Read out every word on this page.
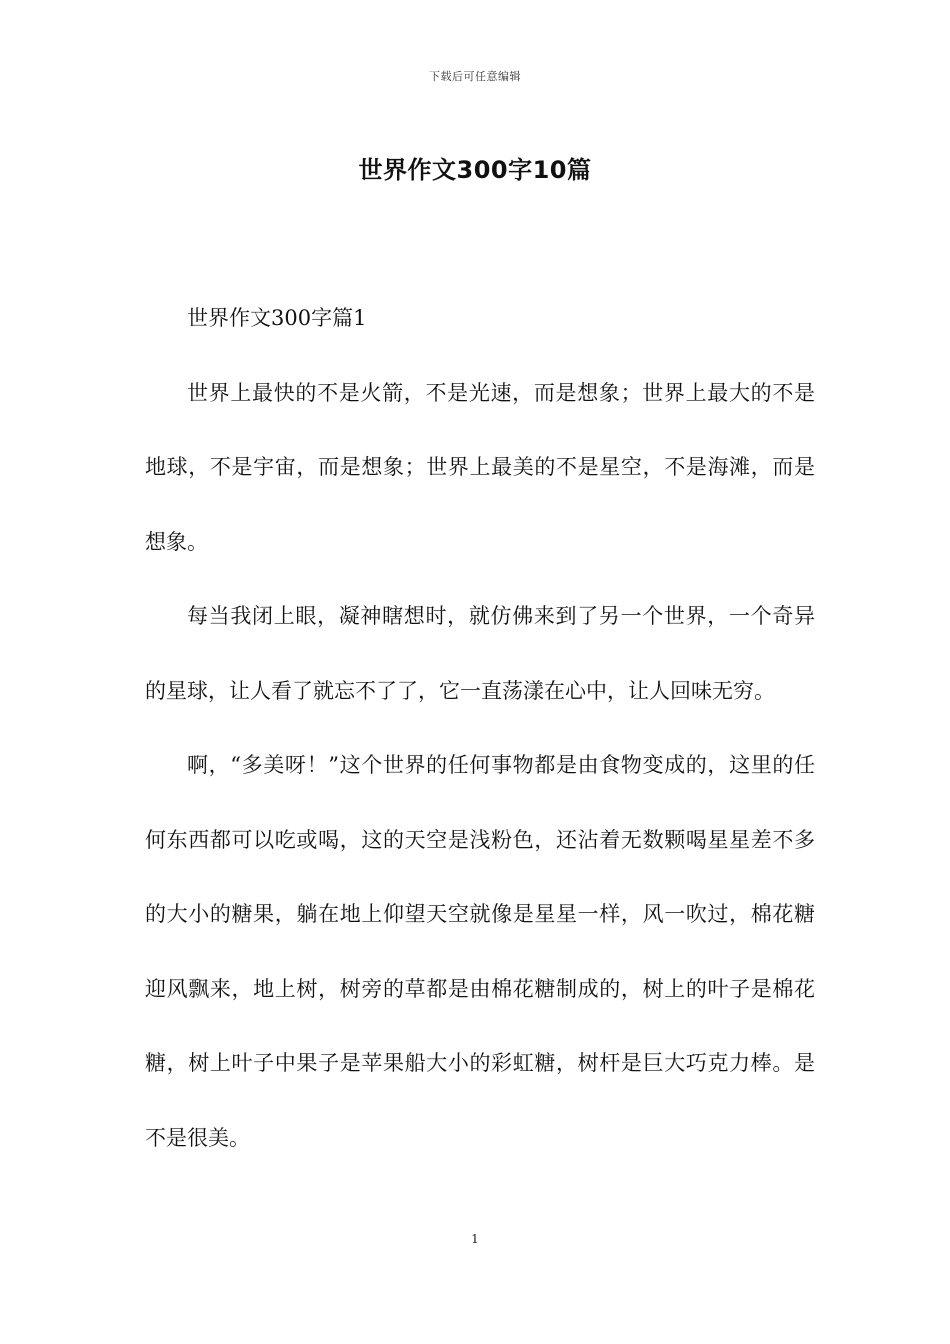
下载后可任意编辑
世界作文300字10篇

世界作文300字篇1

世界上最快的不是火箭，不是光速，而是想象；世界上最大的不是地球，不是宇宙，而是想象；世界上最美的不是星空，不是海滩，而是想象。

每当我闭上眼，凝神瞎想时，就仿佛来到了另一个世界，一个奇异的星球，让人看了就忘不了了，它一直荡漾在心中，让人回味无穷。

啊，“多美呀！”这个世界的任何事物都是由食物变成的，这里的任何东西都可以吃或喝，这的天空是浅粉色，还沾着无数颗喝星星差不多的大小的糖果，躺在地上仰望天空就像是星星一样，风一吹过，棉花糖迎风飘来，地上树，树旁的草都是由棉花糖制成的，树上的叶子是棉花糖，树上叶子中果子是苹果船大小的彩虹糖，树杆是巨大巧克力棒。是不是很美。

1
